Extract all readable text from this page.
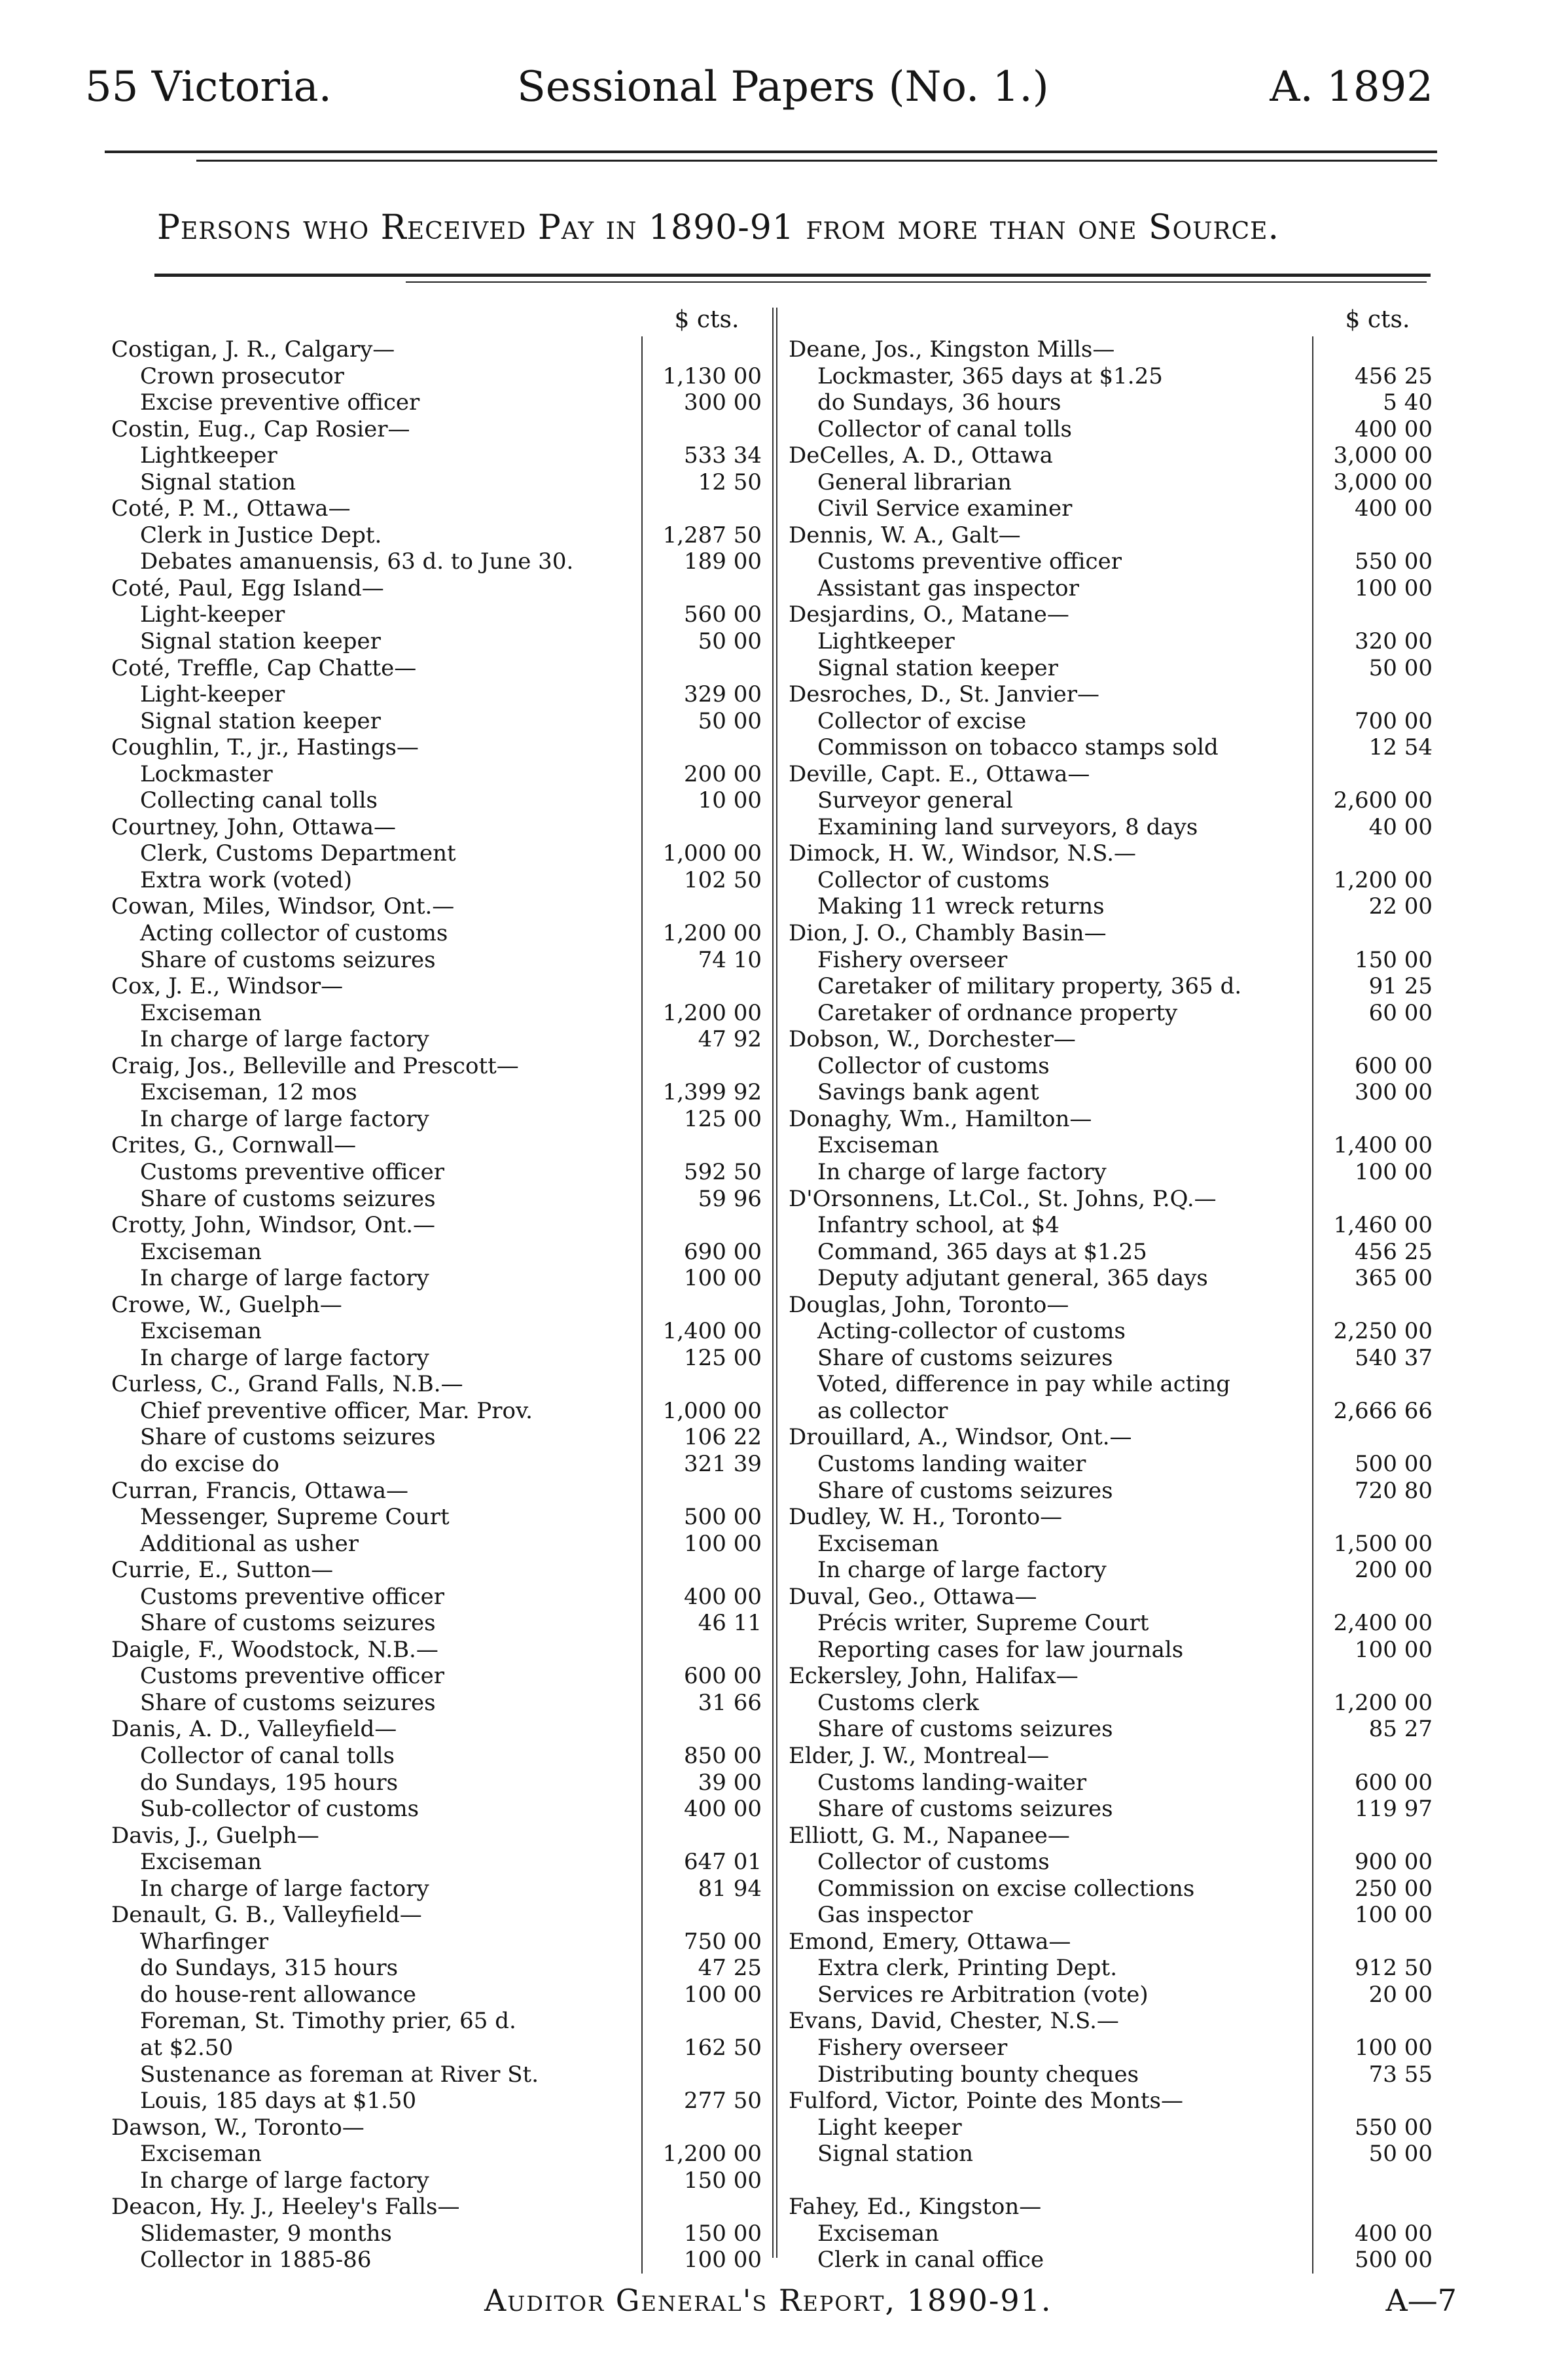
55 Victoria.	Sessional Papers (No. 1.)	A. 1892
Persons who Received Pay in 1890-91 from more than one Source.
$ cts.
Costigan, J. R., Calgary—
Crown prosecutor	1,130 00
Excise preventive officer	300 00
Costin, Eug., Cap Rosier—
Lightkeeper	533 34
Signal station	12 50
Coté, P. M., Ottawa—
Clerk in Justice Dept.	1,287 50
Debates amanuensis, 63 d. to June 30.	189 00
Coté, Paul, Egg Island—
Light-keeper	560 00
Signal station keeper	50 00
Coté, Treffle, Cap Chatte—
Light-keeper	329 00
Signal station keeper	50 00
Coughlin, T., jr., Hastings—
Lockmaster	200 00
Collecting canal tolls	10 00
Courtney, John, Ottawa—
Clerk, Customs Department	1,000 00
Extra work (voted)	102 50
Cowan, Miles, Windsor, Ont.—
Acting collector of customs	1,200 00
Share of customs seizures	74 10
Cox, J. E., Windsor—
Exciseman	1,200 00
In charge of large factory	47 92
Craig, Jos., Belleville and Prescott—
Exciseman, 12 mos	1,399 92
In charge of large factory	125 00
Crites, G., Cornwall—
Customs preventive officer	592 50
Share of customs seizures	59 96
Crotty, John, Windsor, Ont.—
Exciseman	690 00
In charge of large factory	100 00
Crowe, W., Guelph—
Exciseman	1,400 00
In charge of large factory	125 00
Curless, C., Grand Falls, N.B.—
Chief preventive officer, Mar. Prov.	1,000 00
Share of customs seizures	106 22
do excise do	321 39
Curran, Francis, Ottawa—
Messenger, Supreme Court	500 00
Additional as usher	100 00
Currie, E., Sutton—
Customs preventive officer	400 00
Share of customs seizures	46 11
Daigle, F., Woodstock, N.B.—
Customs preventive officer	600 00
Share of customs seizures	31 66
Danis, A. D., Valleyfield—
Collector of canal tolls	850 00
do Sundays, 195 hours	39 00
Sub-collector of customs	400 00
Davis, J., Guelph—
Exciseman	647 01
In charge of large factory	81 94
Denault, G. B., Valleyfield—
Wharfinger	750 00
do Sundays, 315 hours	47 25
do house-rent allowance	100 00
Foreman, St. Timothy prier, 65 d.
at $2.50	162 50
Sustenance as foreman at River St.
Louis, 185 days at $1.50	277 50
Dawson, W., Toronto—
Exciseman	1,200 00
In charge of large factory	150 00
Deacon, Hy. J., Heeley's Falls—
Slidemaster, 9 months	150 00
Collector in 1885-86	100 00
$ cts.
Deane, Jos., Kingston Mills—
Lockmaster, 365 days at $1.25	456 25
do Sundays, 36 hours	5 40
Collector of canal tolls	400 00
DeCelles, A. D., Ottawa	3,000 00
General librarian	3,000 00
Civil Service examiner	400 00
Dennis, W. A., Galt—
Customs preventive officer	550 00
Assistant gas inspector	100 00
Desjardins, O., Matane—
Lightkeeper	320 00
Signal station keeper	50 00
Desroches, D., St. Janvier—
Collector of excise	700 00
Commisson on tobacco stamps sold	12 54
Deville, Capt. E., Ottawa—
Surveyor general	2,600 00
Examining land surveyors, 8 days	40 00
Dimock, H. W., Windsor, N.S.—
Collector of customs	1,200 00
Making 11 wreck returns	22 00
Dion, J. O., Chambly Basin—
Fishery overseer	150 00
Caretaker of military property, 365 d.	91 25
Caretaker of ordnance property	60 00
Dobson, W., Dorchester—
Collector of customs	600 00
Savings bank agent	300 00
Donaghy, Wm., Hamilton—
Exciseman	1,400 00
In charge of large factory	100 00
D'Orsonnens, Lt.Col., St. Johns, P.Q.—
Infantry school, at $4	1,460 00
Command, 365 days at $1.25	456 25
Deputy adjutant general, 365 days	365 00
Douglas, John, Toronto—
Acting-collector of customs	2,250 00
Share of customs seizures	540 37
Voted, difference in pay while acting
as collector	2,666 66
Drouillard, A., Windsor, Ont.—
Customs landing waiter	500 00
Share of customs seizures	720 80
Dudley, W. H., Toronto—
Exciseman	1,500 00
In charge of large factory	200 00
Duval, Geo., Ottawa—
Précis writer, Supreme Court	2,400 00
Reporting cases for law journals	100 00
Eckersley, John, Halifax—
Customs clerk	1,200 00
Share of customs seizures	85 27
Elder, J. W., Montreal—
Customs landing-waiter	600 00
Share of customs seizures	119 97
Elliott, G. M., Napanee—
Collector of customs	900 00
Commission on excise collections	250 00
Gas inspector	100 00
Emond, Emery, Ottawa—
Extra clerk, Printing Dept.	912 50
Services re Arbitration (vote)	20 00
Evans, David, Chester, N.S.—
Fishery overseer	100 00
Distributing bounty cheques	73 55
Fulford, Victor, Pointe des Monts—
Light keeper	550 00
Signal station	50 00
Fahey, Ed., Kingston—
Exciseman	400 00
Clerk in canal office	500 00
Auditor General's Report, 1890-91.	A—7
